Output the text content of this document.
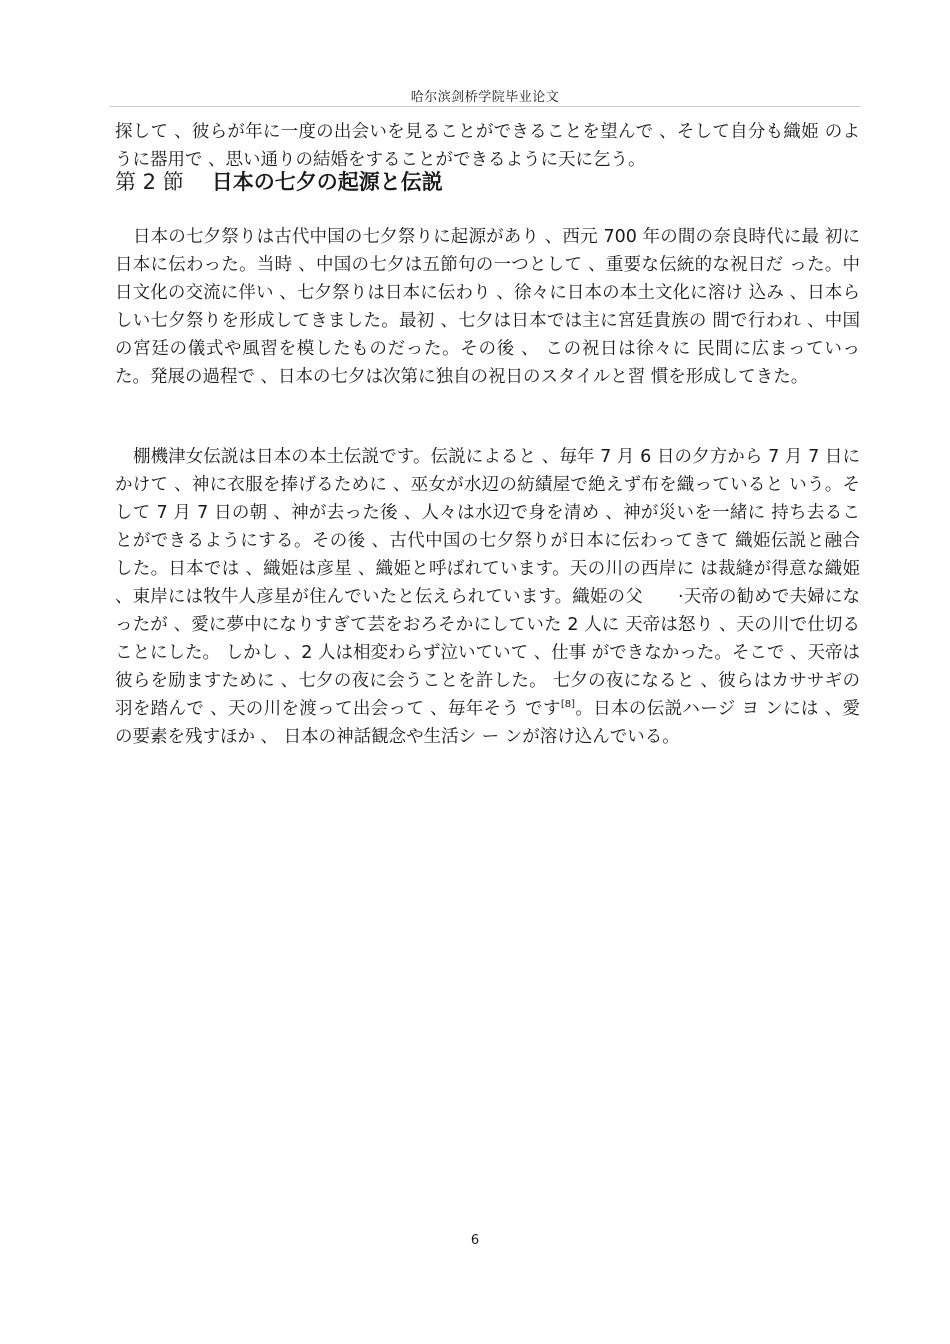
哈尔滨剑桥学院毕业论文

探して 、彼らが年に一度の出会いを見ることができることを望んで 、そして自分も織姫 のように器用で 、思い通りの結婚をすることができるように天に乞う。

第 2 節 日本の七夕の起源と伝説

日本の七夕祭りは古代中国の七夕祭りに起源があり 、西元 700 年の間の奈良時代に最 初に日本に伝わった。当時 、中国の七夕は五節句の一つとして 、重要な伝統的な祝日だ った。中日文化の交流に伴い 、七夕祭りは日本に伝わり 、徐々に日本の本土文化に溶け 込み 、日本らしい七夕祭りを形成してきました。最初 、七夕は日本では主に宮廷貴族の 間で行われ 、中国の宮廷の儀式や風習を模したものだった。その後 、 この祝日は徐々に 民間に広まっていった。発展の過程で 、日本の七夕は次第に独自の祝日のスタイルと習 慣を形成してきた。

棚機津女伝説は日本の本土伝説です。伝説によると 、毎年 7 月 6 日の夕方から 7 月 7 日にかけて 、神に衣服を捧げるために 、巫女が水辺の紡績屋で絶えず布を織っていると いう。そして 7 月 7 日の朝 、神が去った後 、人々は水辺で身を清め 、神が災いを一緒に 持ち去ることができるようにする。その後 、古代中国の七夕祭りが日本に伝わってきて 織姫伝説と融合した。日本では 、織姫は彦星 、織姫と呼ばれています。天の川の西岸に は裁縫が得意な織姫 、東岸には牧牛人彦星が住んでいたと伝えられています。織姫の父　　·天帝の勧めで夫婦になったが 、愛に夢中になりすぎて芸をおろそかにしていた 2 人に 天帝は怒り 、天の川で仕切ることにした。 しかし 、2 人は相変わらず泣いていて 、仕事 ができなかった。そこで 、天帝は彼らを励ますために 、七夕の夜に会うことを許した。 七夕の夜になると 、彼らはカササギの羽を踏んで 、天の川を渡って出会って 、毎年そう です[8]。日本の伝説ハージ ヨ ンには 、愛の要素を残すほか 、 日本の神話観念や生活シ ー ンが溶け込んでいる。

6
